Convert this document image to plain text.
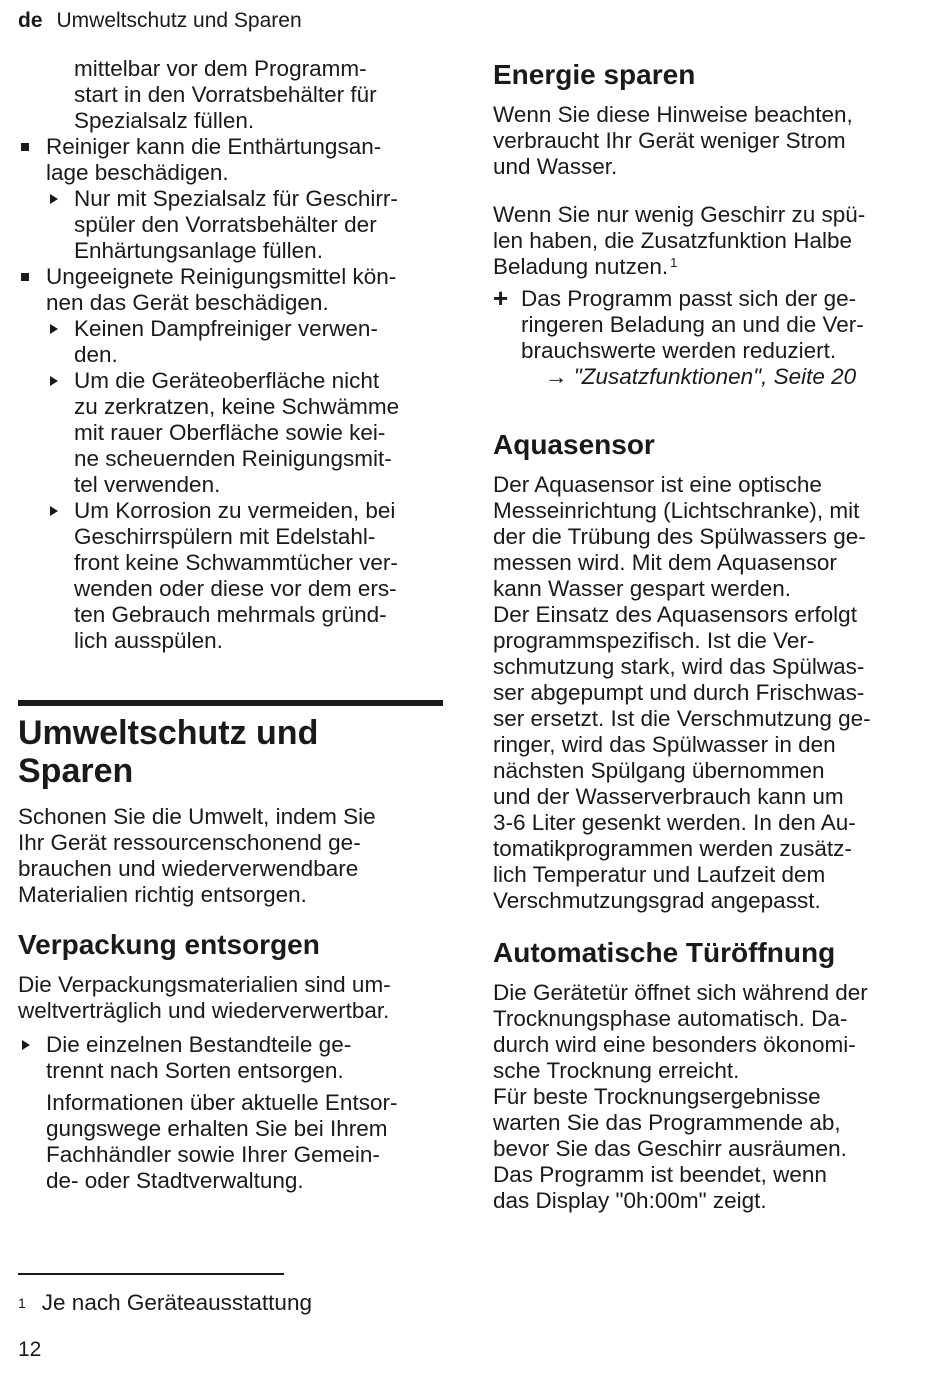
de Umweltschutz und Sparen

mittelbar vor dem Programm-
start in den Vorratsbehälter für
Spezialsalz füllen.

Reiniger kann die Enthärtungsan-
lage beschädigen.

Nur mit Spezialsalz für Geschirr-
spüler den Vorratsbehälter der
Enhärtungsanlage füllen.

Ungeeignete Reinigungsmittel kön-
nen das Gerät beschädigen.

Keinen Dampfreiniger verwen-
den.

Um die Geräteoberfläche nicht
zu zerkratzen, keine Schwämme
mit rauer Oberfläche sowie kei-
ne scheuernden Reinigungsmit-
tel verwenden.

Um Korrosion zu vermeiden, bei
Geschirrspülern mit Edelstahl-
front keine Schwammtücher ver-
wenden oder diese vor dem ers-
ten Gebrauch mehrmals gründ-
lich ausspülen.

Umweltschutz und
Sparen

Schonen Sie die Umwelt, indem Sie
Ihr Gerät ressourcenschonend ge-
brauchen und wiederverwendbare
Materialien richtig entsorgen.

Verpackung entsorgen

Die Verpackungsmaterialien sind um-
weltverträglich und wiederverwertbar.

Die einzelnen Bestandteile ge-
trennt nach Sorten entsorgen.

Informationen über aktuelle Entsor-
gungswege erhalten Sie bei Ihrem
Fachhändler sowie Ihrer Gemein-
de- oder Stadtverwaltung.

Energie sparen

Wenn Sie diese Hinweise beachten,
verbraucht Ihr Gerät weniger Strom
und Wasser.

Wenn Sie nur wenig Geschirr zu spü-
len haben, die Zusatzfunktion Halbe
Beladung nutzen. $^1$

+ Das Programm passt sich der ge-
ringeren Beladung an und die Ver-
brauchswerte werden reduziert.
→ "Zusatzfunktionen", Seite 20
Aquasensor

Der Aquasensor ist eine optische
Messeinrichtung (Lichtschranke), mit
der die Trübung des Spülwassers ge-
messen wird. Mit dem Aquasensor
kann Wasser gespart werden.
Der Einsatz des Aquasensors erfolgt
programmspezifisch. Ist die Ver-
schmutzung stark, wird das Spülwas-
ser abgepumpt und durch Frischwas-
ser ersetzt. Ist die Verschmutzung ge-
ringer, wird das Spülwasser in den
nächsten Spülgang übernommen
und der Wasserverbrauch kann um
3-6 Liter gesenkt werden. In den Au-
tomatikprogrammen werden zusätz-
lich Temperatur und Laufzeit dem
Verschmutzungsgrad angepasst.

Automatische Türöffnung

Die Gerätetür öffnet sich während der
Trocknungsphase automatisch. Da-
durch wird eine besonders ökonomi-
sche Trocknung erreicht.
Für beste Trocknungsergebnisse
warten Sie das Programmende ab,
bevor Sie das Geschirr ausräumen.
Das Programm ist beendet, wenn
das Display "0h:00m" zeigt.

$^1$ Je nach Geräteausstattung
12
